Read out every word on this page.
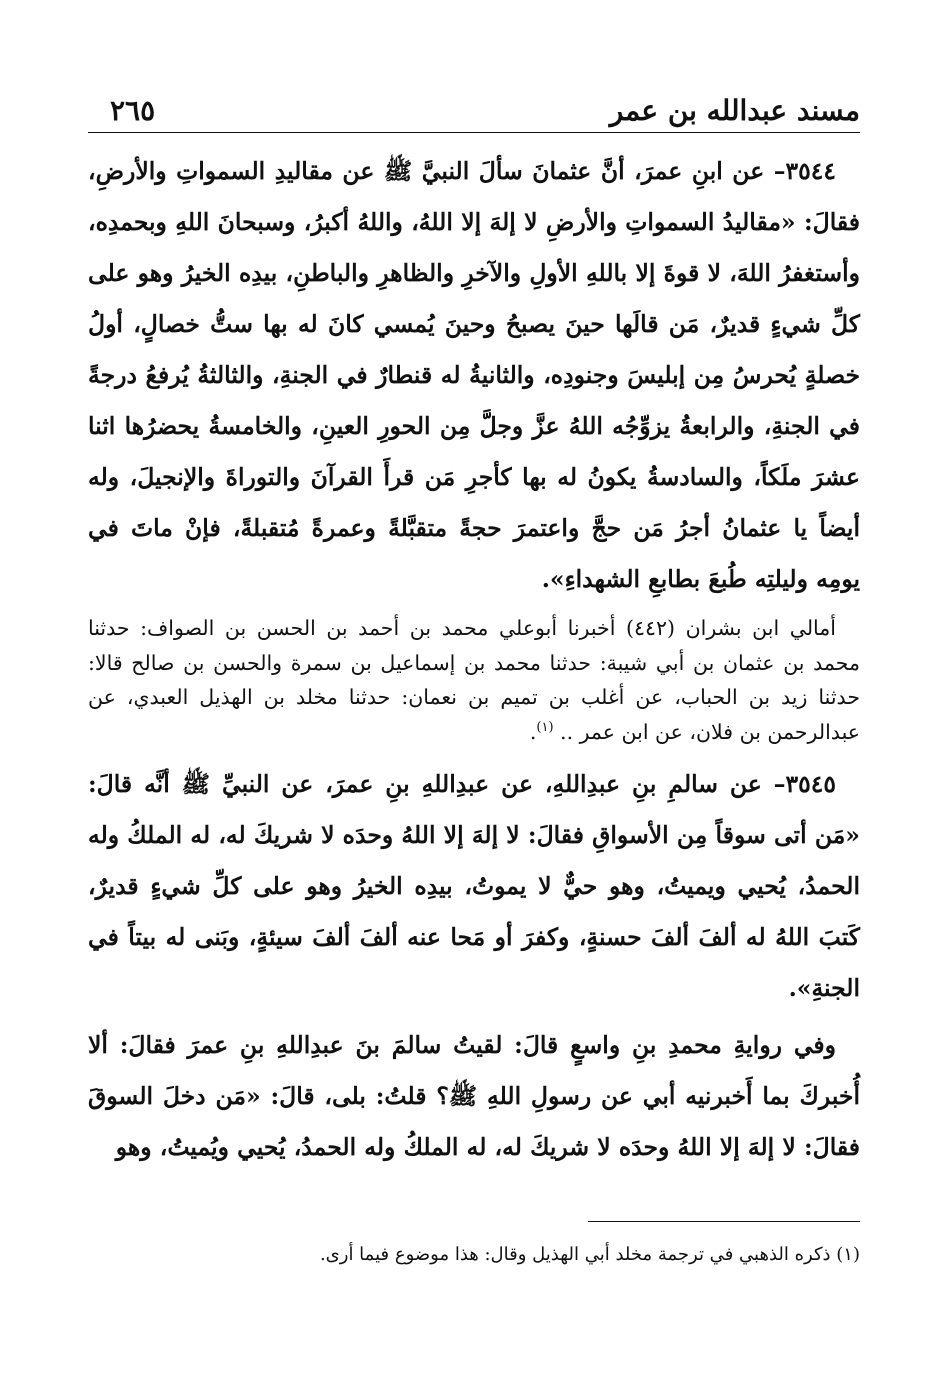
مسند عبدالله بن عمر
٢٦٥

٣٥٤٤– عن ابنِ عمرَ، أنَّ عثمانَ سألَ النبيَّ ﷺ عن مقاليدِ السمواتِ والأرضِ، فقالَ: «مقاليدُ السمواتِ والأرضِ لا إلهَ إلا اللهُ، واللهُ أكبرُ، وسبحانَ اللهِ وبحمدِه، وأستغفرُ اللهَ، لا قوةَ إلا باللهِ الأولِ والآخرِ والظاهرِ والباطنِ، بيدِه الخيرُ وهو على كلِّ شيءٍ قديرٌ، مَن قالَها حينَ يصبحُ وحينَ يُمسي كانَ له بها ستُّ خصالٍ، أولُ خصلةٍ يُحرسُ مِن إبليسَ وجنودِه، والثانيةُ له قنطارٌ في الجنةِ، والثالثةُ يُرفعُ درجةً في الجنةِ، والرابعةُ يزوِّجُه اللهُ عزَّ وجلَّ مِن الحورِ العينِ، والخامسةُ يحضرُها اثنا عشرَ ملَكاً، والسادسةُ يكونُ له بها كأجرِ مَن قرأَ القرآنَ والتوراةَ والإنجيلَ، وله أيضاً يا عثمانُ أجرُ مَن حجَّ واعتمرَ حجةً متقبَّلةً وعمرةً مُتقبلةً، فإنْ ماتَ في يومِه وليلتِه طُبعَ بطابعِ الشهداءِ».

أمالي ابن بشران (٤٤٢) أخبرنا أبوعلي محمد بن أحمد بن الحسن بن الصواف: حدثنا محمد بن عثمان بن أبي شيبة: حدثنا محمد بن إسماعيل بن سمرة والحسن بن صالح قالا: حدثنا زيد بن الحباب، عن أغلب بن تميم بن نعمان: حدثنا مخلد بن الهذيل العبدي، عن عبدالرحمن بن فلان، عن ابن عمر .. $^{(١)}$.

٣٥٤٥– عن سالمِ بنِ عبدِاللهِ، عن عبدِاللهِ بنِ عمرَ، عن النبيِّ ﷺ أنَّه قالَ: «مَن أتى سوقاً مِن الأسواقِ فقالَ: لا إلهَ إلا اللهُ وحدَه لا شريكَ له، له الملكُ وله الحمدُ، يُحيي ويميتُ، وهو حيٌّ لا يموتُ، بيدِه الخيرُ وهو على كلِّ شيءٍ قديرٌ، كَتبَ اللهُ له ألفَ ألفَ حسنةٍ، وكفرَ أو مَحا عنه ألفَ ألفَ سيئةٍ، وبَنى له بيتاً في الجنةِ».

وفي روايةِ محمدِ بنِ واسعٍ قالَ: لقيتُ سالمَ بنَ عبدِاللهِ بنِ عمرَ فقالَ: ألا أُخبركَ بما أَخبرنيه أبي عن رسولِ اللهِ ﷺ؟ قلتُ: بلى، قالَ: «مَن دخلَ السوقَ فقالَ: لا إلهَ إلا اللهُ وحدَه لا شريكَ له، له الملكُ وله الحمدُ، يُحيي ويُميتُ، وهو

(١) ذكره الذهبي في ترجمة مخلد أبي الهذيل وقال: هذا موضوع فيما أرى.
